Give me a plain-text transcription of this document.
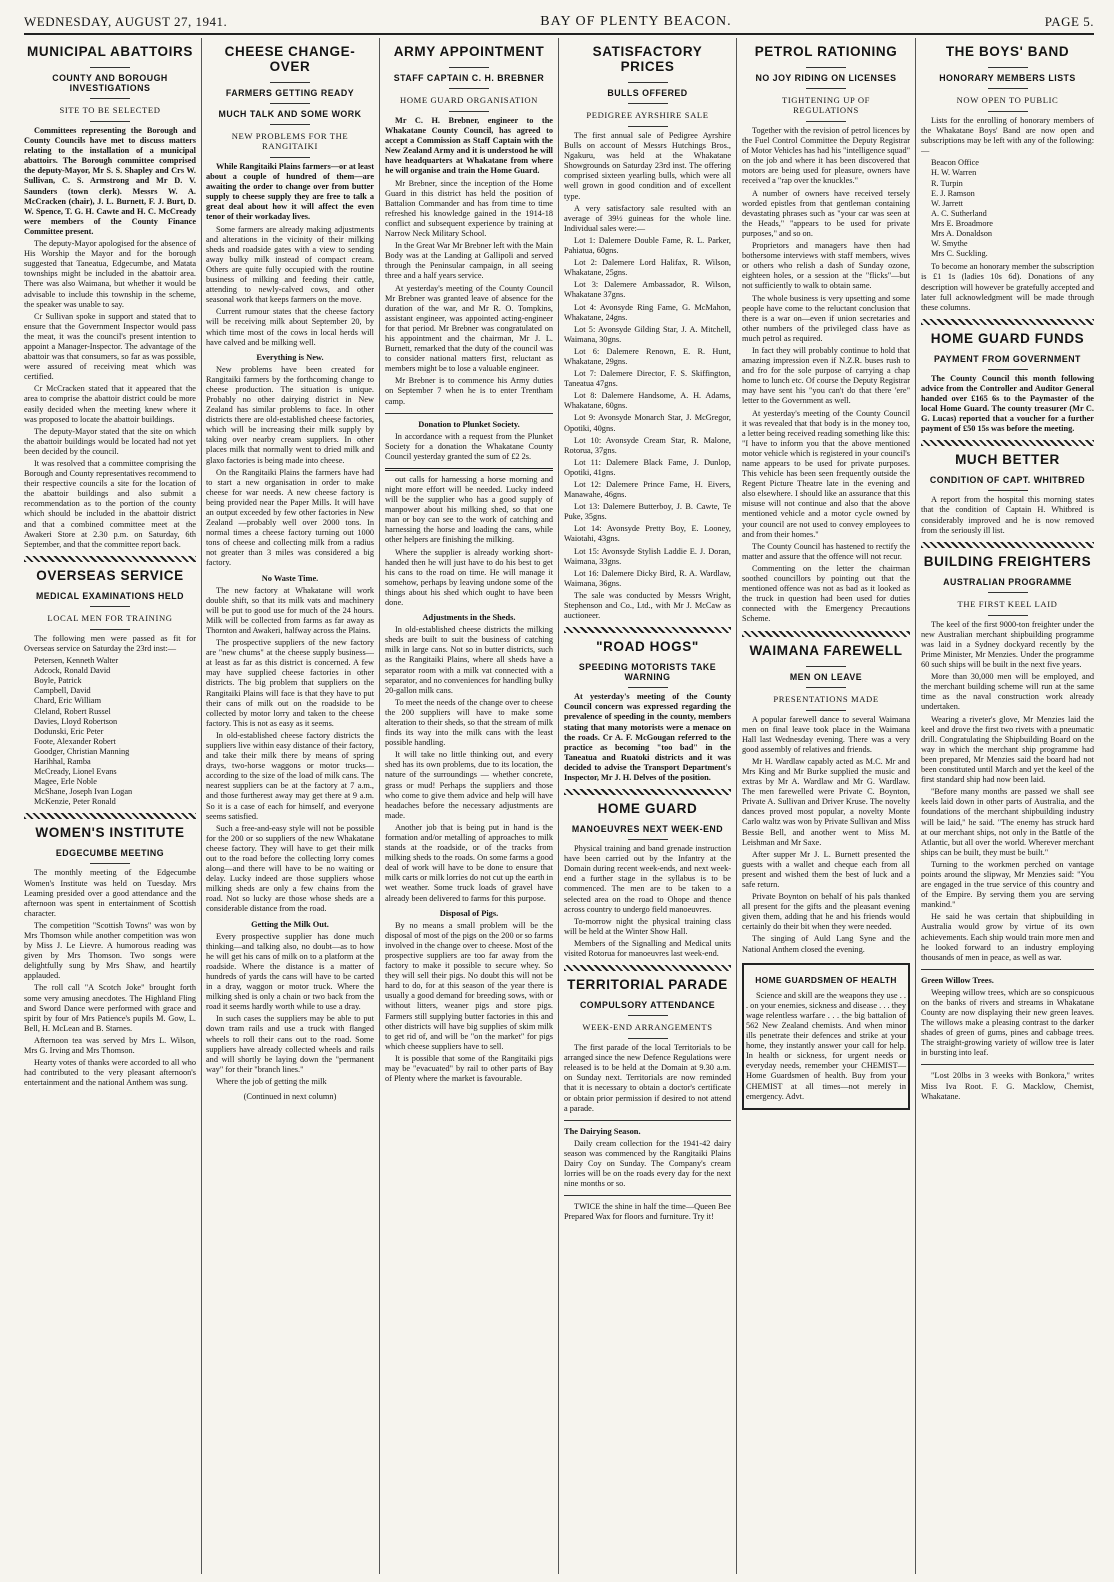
WEDNESDAY, AUGUST 27, 1941.	BAY OF PLENTY BEACON.	PAGE 5.
MUNICIPAL ABATTOIRS
COUNTY AND BOROUGH INVESTIGATIONS
SITE TO BE SELECTED

Committees representing the Borough and County Councils have met to discuss matters relating to the installation of a municipal abattoirs. The Borough committee comprised the deputy-Mayor, Mr S. S. Shapley and Crs W. Sullivan, C. S. Armstrong and Mr D. V. Saunders (town clerk). Messrs W. A. McCracken (chair), J. L. Burnett, F. J. Burt, D. W. Spence, T. G. H. Cawte and H. C. McCready were members of the County Finance Committee present.

The deputy-Mayor apologised for the absence of His Worship the Mayor and for the borough suggested that Taneatua, Edgecumbe, and Matata townships might be included in the abattoir area. There was also Waimana, but whether it would be advisable to include this township in the scheme, the speaker was unable to say.

Cr Sullivan spoke in support and stated that to ensure that the Government Inspector would pass the meat, it was the council's present intention to appoint a Manager-Inspector. The advantage of the abattoir was that consumers, so far as was possible, were assured of receiving meat which was certified.

Cr McCracken stated that it appeared that the area to comprise the abattoir district could be more easily decided when the meeting knew where it was proposed to locate the abattoir buildings.

The deputy-Mayor stated that the site on which the abattoir buildings would be located had not yet been decided by the council.

It was resolved that a committee comprising the Borough and County representatives recommend to their respective councils a site for the location of the abattoir buildings and also submit a recommendation as to the portion of the county which should be included in the abattoir district and that a combined committee meet at the Awakeri Store at 2.30 p.m. on Saturday, 6th September, and that the committee report back.

OVERSEAS SERVICE
MEDICAL EXAMINATIONS HELD
LOCAL MEN FOR TRAINING

The following men were passed as fit for Overseas service on Saturday the 23rd inst:—

Petersen, Kenneth Walter
Adcock, Ronald David
Boyle, Patrick
Campbell, David
Chard, Eric William
Cleland, Robert Russel
Davies, Lloyd Robertson
Dodunski, Eric Peter
Foote, Alexander Robert
Goodger, Christian Manning
Harihhal, Ramba
McCready, Lionel Evans
Magee, Erle Noble
McShane, Joseph Ivan Logan
McKenzie, Peter Ronald
WOMEN'S INSTITUTE
EDGECUMBE MEETING

The monthly meeting of the Edgecumbe Women's Institute was held on Tuesday. Mrs Leaming presided over a good attendance and the afternoon was spent in entertainment of Scottish character.

The competition "Scottish Towns" was won by Mrs Thomson while another competition was won by Miss J. Le Lievre. A humorous reading was given by Mrs Thomson. Two songs were delightfully sung by Mrs Shaw, and heartily applauded.

The roll call "A Scotch Joke" brought forth some very amusing anecdotes. The Highland Fling and Sword Dance were performed with grace and spirit by four of Mrs Patience's pupils M. Gow, L. Bell, H. McLean and B. Starnes.

Afternoon tea was served by Mrs L. Wilson, Mrs G. Irving and Mrs Thomson.

Hearty votes of thanks were accorded to all who had contributed to the very pleasant afternoon's entertainment and the national Anthem was sung.

CHEESE CHANGE-OVER
FARMERS GETTING READY
MUCH TALK AND SOME WORK
NEW PROBLEMS FOR THE RANGITAIKI

While Rangitaiki Plains farmers—or at least about a couple of hundred of them—are awaiting the order to change over from butter supply to cheese supply they are free to talk a great deal about how it will affect the even tenor of their workaday lives.

Some farmers are already making adjustments and alterations in the vicinity of their milking sheds and roadside gates with a view to sending away bulky milk instead of compact cream. Others are quite fully occupied with the routine business of milking and feeding their cattle, attending to newly-calved cows, and other seasonal work that keeps farmers on the move.

Current rumour states that the cheese factory will be receiving milk about September 20, by which time most of the cows in local herds will have calved and be milking well.

Everything is New.

New problems have been created for Rangitaiki farmers by the forthcoming change to cheese production. The situation is unique. Probably no other dairying district in New Zealand has similar problems to face. In other districts there are old-established cheese factories, which will be increasing their milk supply by taking over nearby cream suppliers. In other places milk that normally went to dried milk and glaxo factories is being made into cheese.

On the Rangitaiki Plains the farmers have had to start a new organisation in order to make cheese for war needs. A new cheese factory is being provided near the Paper Mills. It will have an output exceeded by few other factories in New Zealand —probably well over 2000 tons. In normal times a cheese factory turning out 1000 tons of cheese and collecting milk from a radius not greater than 3 miles was considered a big factory.

No Waste Time.

The new factory at Whakatane will work double shift, so that its milk vats and machinery will be put to good use for much of the 24 hours. Milk will be collected from farms as far away as Thornton and Awakeri, halfway across the Plains.

The prospective suppliers of the new factory are "new chums" at the cheese supply business—at least as far as this district is concerned. A few may have supplied cheese factories in other districts. The big problem that suppliers on the Rangitaiki Plains will face is that they have to put their cans of milk out on the roadside to be collected by motor lorry and taken to the cheese factory. This is not as easy as it seems.

In old-established cheese factory districts the suppliers live within easy distance of their factory, and take their milk there by means of spring drays, two-horse waggons or motor trucks—according to the size of the load of milk cans. The nearest suppliers can be at the factory at 7 a.m., and those furtherest away may get there at 9 a.m. So it is a case of each for himself, and everyone seems satisfied.

Such a free-and-easy style will not be possible for the 200 or so suppliers of the new Whakatane cheese factory. They will have to get their milk out to the road before the collecting lorry comes along—and there will have to be no waiting or delay. Lucky indeed are those suppliers whose milking sheds are only a few chains from the road. Not so lucky are those whose sheds are a considerable distance from the road.

Getting the Milk Out.

Every prospective supplier has done much thinking—and talking also, no doubt—as to how he will get his cans of milk on to a platform at the roadside. Where the distance is a matter of hundreds of yards the cans will have to be carted in a dray, waggon or motor truck. Where the milking shed is only a chain or two back from the road it seems hardly worth while to use a dray.

In such cases the suppliers may be able to put down tram rails and use a truck with flanged wheels to roll their cans out to the road. Some suppliers have already collected wheels and rails and will shortly be laying down the "permanent way" for their "branch lines."

Where the job of getting the milk

(Continued in next column)
ARMY APPOINTMENT
STAFF CAPTAIN C. H. BREBNER
HOME GUARD ORGANISATION

Mr C. H. Brebner, engineer to the Whakatane County Council, has agreed to accept a Commission as Staff Captain with the New Zealand Army and it is understood he will have headquarters at Whakatane from where he will organise and train the Home Guard.

Mr Brebner, since the inception of the Home Guard in this district has held the position of Battalion Commander and has from time to time refreshed his knowledge gained in the 1914-18 conflict and subsequent experience by training at Narrow Neck Military School.

In the Great War Mr Brebner left with the Main Body was at the Landing at Gallipoli and served through the Peninsular campaign, in all seeing three and a half years service.

At yesterday's meeting of the County Council Mr Brebner was granted leave of absence for the duration of the war, and Mr R. O. Tompkins, assistant engineer, was appointed acting-engineer for that period. Mr Brebner was congratulated on his appointment and the chairman, Mr J. L. Burnett, remarked that the duty of the council was to consider national matters first, reluctant as members might be to lose a valuable engineer.

Mr Brebner is to commence his Army duties on September 7 when he is to enter Trentham camp.

Donation to Plunket Society.

In accordance with a request from the Plunket Society for a donation the Whakatane County Council yesterday granted the sum of £2 2s.

out calls for harnessing a horse morning and night more effort will be needed. Lucky indeed will be the supplier who has a good supply of manpower about his milking shed, so that one man or boy can see to the work of catching and harnessing the horse and loading the cans, while other helpers are finishing the milking.

Where the supplier is already working short-handed then he will just have to do his best to get his cans to the road on time. He will manage it somehow, perhaps by leaving undone some of the things about his shed which ought to have been done.

Adjustments in the Sheds.

In old-established cheese districts the milking sheds are built to suit the business of catching milk in large cans. Not so in butter districts, such as the Rangitaiki Plains, where all sheds have a separator room with a milk vat connected with a separator, and no conveniences for handling bulky 20-gallon milk cans.

To meet the needs of the change over to cheese the 200 suppliers will have to make some alteration to their sheds, so that the stream of milk finds its way into the milk cans with the least possible handling.

It will take no little thinking out, and every shed has its own problems, due to its location, the nature of the surroundings — whether concrete, grass or mud! Perhaps the suppliers and those who come to give them advice and help will have headaches before the necessary adjustments are made.

Another job that is being put in hand is the formation and/or metalling of approaches to milk stands at the roadside, or of the tracks from milking sheds to the roads. On some farms a good deal of work will have to be done to ensure that milk carts or milk lorries do not cut up the earth in wet weather. Some truck loads of gravel have already been delivered to farms for this purpose.

Disposal of Pigs.

By no means a small problem will be the disposal of most of the pigs on the 200 or so farms involved in the change over to cheese. Most of the prospective suppliers are too far away from the factory to make it possible to secure whey. So they will sell their pigs. No doubt this will not be hard to do, for at this season of the year there is usually a good demand for breeding sows, with or without litters, weaner pigs and store pigs. Farmers still supplying butter factories in this and other districts will have big supplies of skim milk to get rid of, and will be "on the market" for pigs which cheese suppliers have to sell.

It is possible that some of the Rangitaiki pigs may be "evacuated" by rail to other parts of Bay of Plenty where the market is favourable.

SATISFACTORY PRICES
BULLS OFFERED
PEDIGREE AYRSHIRE SALE

The first annual sale of Pedigree Ayrshire Bulls on account of Messrs Hutchings Bros., Ngakuru, was held at the Whakatane Showgrounds on Saturday 23rd inst. The offering comprised sixteen yearling bulls, which were all well grown in good condition and of excellent type.

A very satisfactory sale resulted with an average of 39½ guineas for the whole line. Individual sales were:—

Lot 1: Dalemere Double Fame, R. L. Parker, Pahiatua, 60gns.

Lot 2: Dalemere Lord Halifax, R. Wilson, Whakatane, 25gns.

Lot 3: Dalemere Ambassador, R. Wilson, Whakatane 37gns.

Lot 4: Avonsyde Ring Fame, G. McMahon, Whakatane, 24gns.

Lot 5: Avonsyde Gilding Star, J. A. Mitchell, Waimana, 30gns.

Lot 6: Dalemere Renown, E. R. Hunt, Whakatane, 29gns.

Lot 7: Dalemere Director, F. S. Skiffington, Taneatua 47gns.

Lot 8: Dalemere Handsome, A. H. Adams, Whakatane, 60gns.

Lot 9: Avonsyde Monarch Star, J. McGregor, Opotiki, 40gns.

Lot 10: Avonsyde Cream Star, R. Malone, Rotorua, 37gns.

Lot 11: Dalemere Black Fame, J. Dunlop, Opotiki, 41gns.

Lot 12: Dalemere Prince Fame, H. Eivers, Manawahe, 46gns.

Lot 13: Dalemere Butterboy, J. B. Cawte, Te Puke, 35gns.

Lot 14: Avonsyde Pretty Boy, E. Looney, Waiotahi, 43gns.

Lot 15: Avonsyde Stylish Laddie E. J. Doran, Waimana, 33gns.

Lot 16: Dalemere Dicky Bird, R. A. Wardlaw, Waimana, 36gns.

The sale was conducted by Messrs Wright, Stephenson and Co., Ltd., with Mr J. McCaw as auctioneer.

"ROAD HOGS"
SPEEDING MOTORISTS TAKE WARNING

At yesterday's meeting of the County Council concern was expressed regarding the prevalence of speeding in the county, members stating that many motorists were a menace on the roads. Cr A. F. McGougan referred to the practice as becoming "too bad" in the Taneatua and Ruatoki districts and it was decided to advise the Transport Department's Inspector, Mr J. H. Delves of the position.

HOME GUARD
MANOEUVRES NEXT WEEK-END

Physical training and band grenade instruction have been carried out by the Infantry at the Domain during recent week-ends, and next week-end a further stage in the syllabus is to be commenced. The men are to be taken to a selected area on the road to Ohope and thence across country to undergo field manoeuvres.

To-morrow night the physical training class will be held at the Winter Show Hall.

Members of the Signalling and Medical units visited Rotorua for manoeuvres last week-end.

TERRITORIAL PARADE
COMPULSORY ATTENDANCE
WEEK-END ARRANGEMENTS

The first parade of the local Territorials to be arranged since the new Defence Regulations were released is to be held at the Domain at 9.30 a.m. on Sunday next. Territorials are now reminded that it is necessary to obtain a doctor's certificate or obtain prior permission if desired to not attend a parade.

The Dairying Season.

Daily cream collection for the 1941-42 dairy season was commenced by the Rangitaiki Plains Dairy Coy on Sunday. The Company's cream lorries will be on the roads every day for the next nine months or so.

TWICE the shine in half the time—Queen Bee Prepared Wax for floors and furniture. Try it!

PETROL RATIONING
NO JOY RIDING ON LICENSES
TIGHTENING UP OF REGULATIONS

Together with the revision of petrol licences by the Fuel Control Committee the Deputy Registrar of Motor Vehicles has had his "intelligence squad" on the job and where it has been discovered that motors are being used for pleasure, owners have received a "rap over the knuckles."

A number of owners have received tersely worded epistles from that gentleman containing devastating phrases such as "your car was seen at the Heads," "appears to be used for private purposes," and so on.

Proprietors and managers have then had bothersome interviews with staff members, wives or others who relish a dash of Sunday ozone, eighteen holes, or a session at the "flicks"—but not sufficiently to walk to obtain same.

The whole business is very upsetting and some people have come to the reluctant conclusion that there is a war on—even if union secretaries and other numbers of the privileged class have as much petrol as required.

In fact they will probably continue to hold that amazing impression even if N.Z.R. buses rush to and fro for the sole purpose of carrying a chap home to lunch etc. Of course the Deputy Registrar may have sent his "you can't do that there 'ere" letter to the Government as well.

At yesterday's meeting of the County Council it was revealed that that body is in the money too, a letter being received reading something like this: "I have to inform you that the above mentioned motor vehicle which is registered in your council's name appears to be used for private purposes. This vehicle has been seen frequently outside the Regent Picture Theatre late in the evening and also elsewhere. I should like an assurance that this misuse will not continue and also that the above mentioned vehicle and a motor cycle owned by your council are not used to convey employees to and from their homes."

The County Council has hastened to rectify the matter and assure that the offence will not recur.

Commenting on the letter the chairman soothed councillors by pointing out that the mentioned offence was not as bad as it looked as the truck in question had been used for duties connected with the Emergency Precautions Scheme.

WAIMANA FAREWELL
MEN ON LEAVE
PRESENTATIONS MADE

A popular farewell dance to several Waimana men on final leave took place in the Waimana Hall last Wednesday evening. There was a very good assembly of relatives and friends.

Mr H. Wardlaw capably acted as M.C. Mr and Mrs King and Mr Burke supplied the music and extras by Mr A. Wardlaw and Mr G. Wardlaw. The men farewelled were Private C. Boynton, Private A. Sullivan and Driver Kruse. The novelty dances proved most popular, a novelty Monte Carlo waltz was won by Private Sullivan and Miss Bessie Bell, and another went to Miss M. Leishman and Mr Saxe.

After supper Mr J. L. Burnett presented the guests with a wallet and cheque each from all present and wished them the best of luck and a safe return.

Private Boynton on behalf of his pals thanked all present for the gifts and the pleasant evening given them, adding that he and his friends would certainly do their bit when they were needed.

The singing of Auld Lang Syne and the National Anthem closed the evening.

HOME GUARDSMEN OF HEALTH

Science and skill are the weapons they use . . . on your enemies, sickness and disease . . . they wage relentless warfare . . . the big battalion of 562 New Zealand chemists. And when minor ills penetrate their defences and strike at your home, they instantly answer your call for help. In health or sickness, for urgent needs or everyday needs, remember your CHEMIST—Home Guardsmen of health. Buy from your CHEMIST at all times—not merely in emergency. Advt.

THE BOYS' BAND
HONORARY MEMBERS LISTS
NOW OPEN TO PUBLIC

Lists for the enrolling of honorary members of the Whakatane Boys' Band are now open and subscriptions may be left with any of the following:—

Beacon Office
H. W. Warren
R. Turpin
E. J. Ramson
W. Jarrett
A. C. Sutherland
Mrs E. Broadmore
Mrs A. Donaldson
W. Smythe
Mrs C. Suckling.

To become an honorary member the subscription is £1 1s (ladies 10s 6d). Donations of any description will however be gratefully accepted and later full acknowledgment will be made through these columns.

HOME GUARD FUNDS
PAYMENT FROM GOVERNMENT

The County Council this month following advice from the Controller and Auditor General handed over £165 6s to the Paymaster of the local Home Guard. The county treasurer (Mr C. G. Lucas) reported that a voucher for a further payment of £50 15s was before the meeting.

MUCH BETTER
CONDITION OF CAPT. WHITBRED

A report from the hospital this morning states that the condition of Captain H. Whitbred is considerably improved and he is now removed from the seriously ill list.

BUILDING FREIGHTERS
AUSTRALIAN PROGRAMME
THE FIRST KEEL LAID

The keel of the first 9000-ton freighter under the new Australian merchant shipbuilding programme was laid in a Sydney dockyard recently by the Prime Minister, Mr Menzies. Under the programme 60 such ships will be built in the next five years.

More than 30,000 men will be employed, and the merchant building scheme will run at the same time as the naval construction work already undertaken.

Wearing a riveter's glove, Mr Menzies laid the keel and drove the first two rivets with a pneumatic drill. Congratulating the Shipbuilding Board on the way in which the merchant ship programme had been prepared, Mr Menzies said the board had not been constituted until March and yet the keel of the first standard ship had now been laid.

"Before many months are passed we shall see keels laid down in other parts of Australia, and the foundations of the merchant shipbuilding industry will be laid," he said. "The enemy has struck hard at our merchant ships, not only in the Battle of the Atlantic, but all over the world. Wherever merchant ships can be built, they must be built."

Turning to the workmen perched on vantage points around the slipway, Mr Menzies said: "You are engaged in the true service of this country and of the Empire. By serving them you are serving mankind."

He said he was certain that shipbuilding in Australia would grow by virtue of its own achievements. Each ship would train more men and he looked forward to an industry employing thousands of men in peace, as well as war.

Green Willow Trees.

Weeping willow trees, which are so conspicuous on the banks of rivers and streams in Whakatane County are now displaying their new green leaves. The willows make a pleasing contrast to the darker shades of green of gums, pines and cabbage trees. The straight-growing variety of willow tree is later in bursting into leaf.

"Lost 20lbs in 3 weeks with Bonkora," writes Miss Iva Root. F. G. Macklow, Chemist, Whakatane.
